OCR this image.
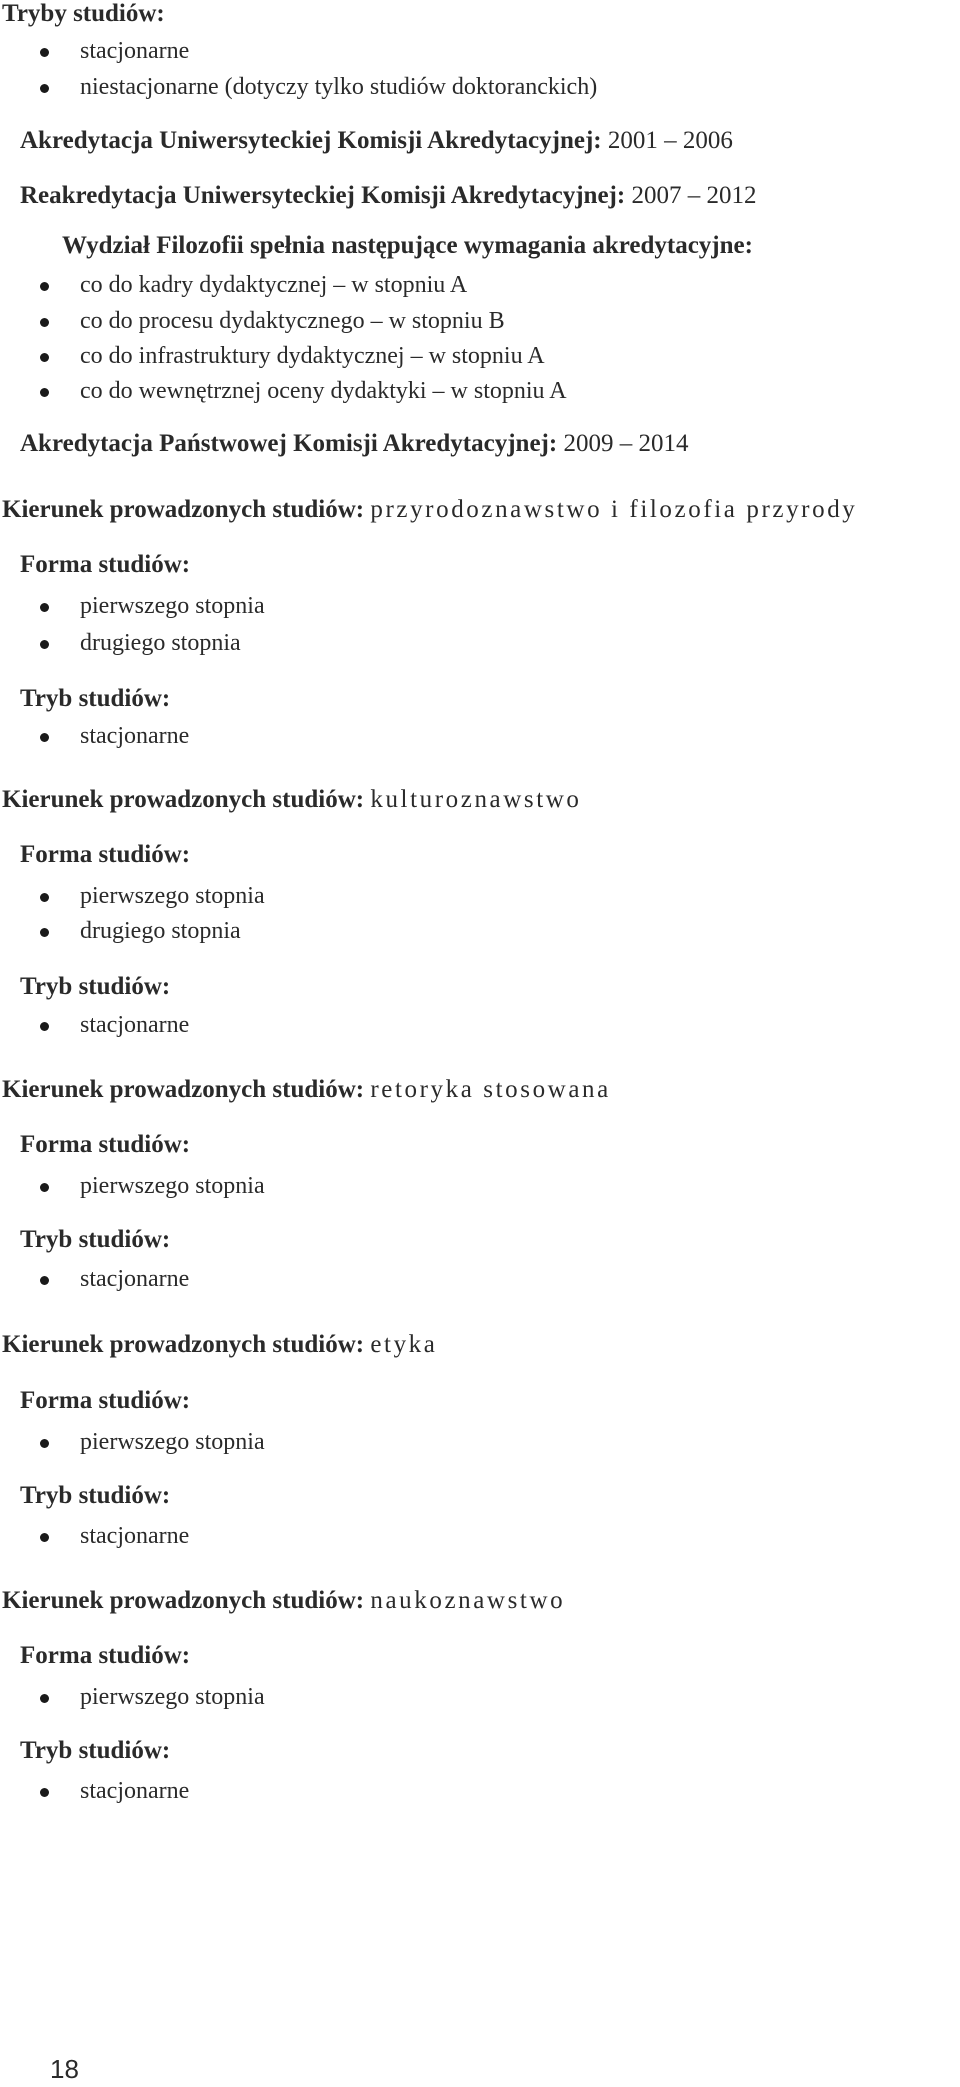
Tryby studiów:
stacjonarne
niestacjonarne (dotyczy tylko studiów doktoranckich)
Akredytacja Uniwersyteckiej Komisji Akredytacyjnej: 2001 – 2006
Reakredytacja Uniwersyteckiej Komisji Akredytacyjnej: 2007 – 2012
Wydział Filozofii spełnia następujące wymagania akredytacyjne:
co do kadry dydaktycznej – w stopniu A
co do procesu dydaktycznego – w stopniu B
co do infrastruktury dydaktycznej – w stopniu A
co do wewnętrznej oceny dydaktyki – w stopniu A
Akredytacja Państwowej Komisji Akredytacyjnej: 2009 – 2014
Kierunek prowadzonych studiów: przyrodoznawstwo i filozofia przyrody
Forma studiów:
pierwszego stopnia
drugiego stopnia
Tryb studiów:
stacjonarne
Kierunek prowadzonych studiów: kulturoznawstwo
Forma studiów:
pierwszego stopnia
drugiego stopnia
Tryb studiów:
stacjonarne
Kierunek prowadzonych studiów: retoryka stosowana
Forma studiów:
pierwszego stopnia
Tryb studiów:
stacjonarne
Kierunek prowadzonych studiów: etyka
Forma studiów:
pierwszego stopnia
Tryb studiów:
stacjonarne
Kierunek prowadzonych studiów: naukoznawstwo
Forma studiów:
pierwszego stopnia
Tryb studiów:
stacjonarne
18
